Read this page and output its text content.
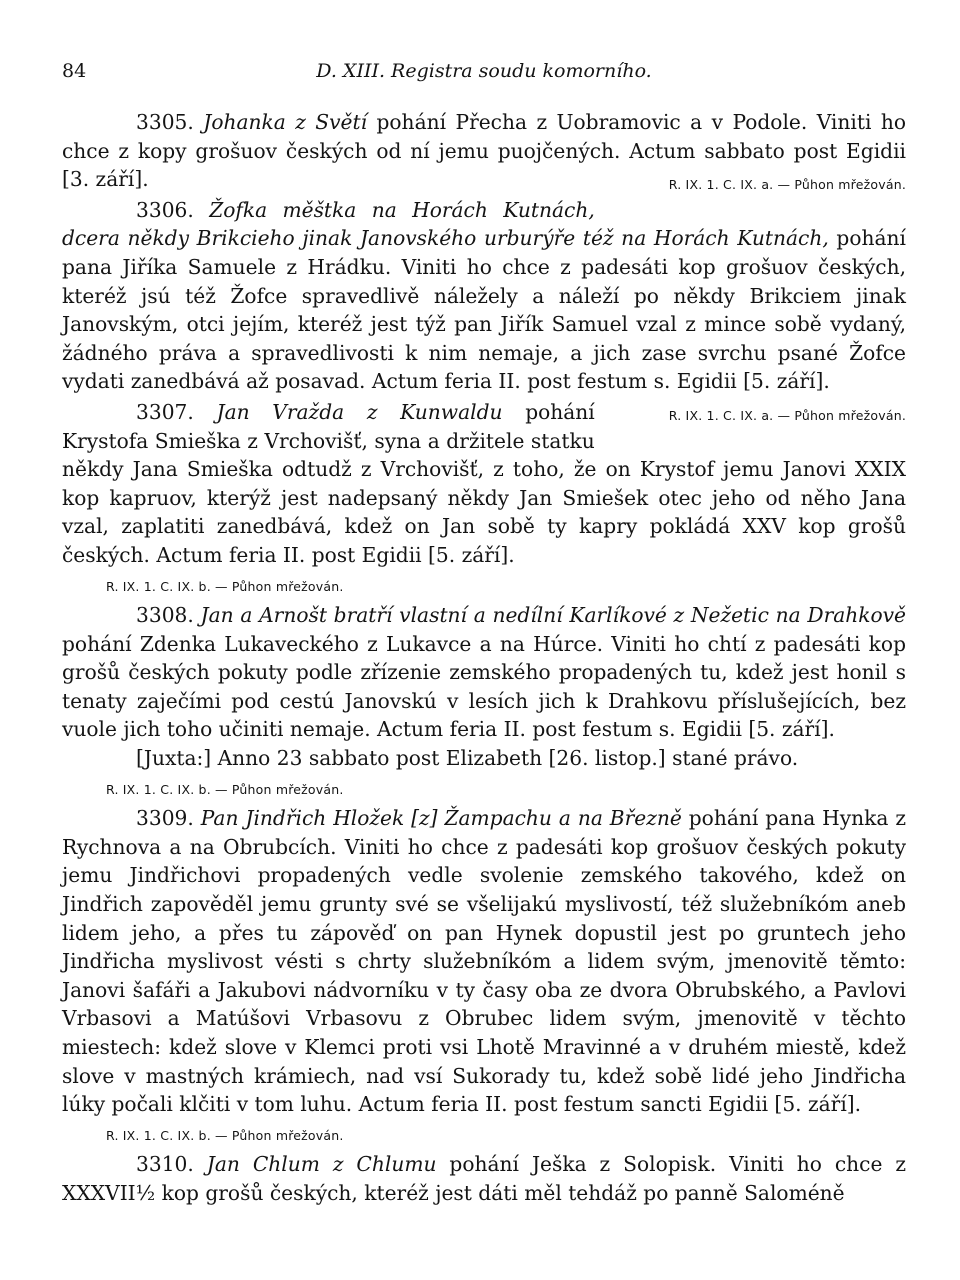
84	D. XIII. Registra soudu komorního.

3305. Johanka z Světí pohání Přecha z Uobramovic a v Podole. Viniti ho chce z kopy grošuov českých od ní jemu puojčených. Actum sabbato post Egidii [3. září].	R. IX. 1. C. IX. a. — Půhon mřežován.

3306. Žofka měštka na Horách Kutnách, dcera někdy Brikcieho jinak Janovského urburýře též na Horách Kutnách, pohání pana Jiříka Samuele z Hrádku. Viniti ho chce z padesáti kop grošuov českých, kteréž jsú též Žofce spravedlivě náležely a náleží po někdy Brikciem jinak Janovským, otci jejím, kteréž jest týž pan Jiřík Samuel vzal z mince sobě vydaný, žádného práva a spravedlivosti k nim nemaje, a jich zase svrchu psané Žofce vydati zanedbává až posavad. Actum feria II. post festum s. Egidii [5. září].
R. IX. 1. C. IX. a. — Půhon mřežován.

3307. Jan Vražda z Kunwaldu pohání Krystofa Smieška z Vrchovišť, syna a držitele statku někdy Jana Smieška odtudž z Vrchovišť, z toho, že on Krystof jemu Janovi XXIX kop kapruov, kterýž jest nadepsaný někdy Jan Smiešek otec jeho od něho Jana vzal, zaplatiti zanedbává, kdež on Jan sobě ty kapry pokládá XXV kop grošů českých. Actum feria II. post Egidii [5. září].

R. IX. 1. C. IX. b. — Půhon mřežován.

3308. Jan a Arnošt bratří vlastní a nedílní Karlíkové z Nežetic na Drahkově pohání Zdenka Lukaveckého z Lukavce a na Húrce. Viniti ho chtí z padesáti kop grošů českých pokuty podle zřízenie zemského propadených tu, kdež jest honil s tenaty zaječími pod cestú Janovskú v lesích jich k Drahkovu příslušejících, bez vuole jich toho učiniti nemaje. Actum feria II. post festum s. Egidii [5. září].

[Juxta:] Anno 23 sabbato post Elizabeth [26. listop.] stané právo.

R. IX. 1. C. IX. b. — Půhon mřežován.

3309. Pan Jindřich Hložek [z] Žampachu a na Březně pohání pana Hynka z Rychnova a na Obrubcích. Viniti ho chce z padesáti kop grošuov českých pokuty jemu Jindřichovi propadených vedle svolenie zemského takového, kdež on Jindřich zapověděl jemu grunty své se všelijakú myslivostí, též služebníkóm aneb lidem jeho, a přes tu zápověď on pan Hynek dopustil jest po gruntech jeho Jindřicha myslivost vésti s chrty služebníkóm a lidem svým, jmenovitě těmto: Janovi šafáři a Jakubovi nádvorníku v ty časy oba ze dvora Obrubského, a Pavlovi Vrbasovi a Matúšovi Vrbasovu z Obrubec lidem svým, jmenovitě v těchto miestech: kdež slove v Klemci proti vsi Lhotě Mravinné a v druhém miestě, kdež slove v mastných krámiech, nad vsí Sukorady tu, kdež sobě lidé jeho Jindřicha lúky počali klčiti v tom luhu. Actum feria II. post festum sancti Egidii [5. září].

R. IX. 1. C. IX. b. — Půhon mřežován.

3310. Jan Chlum z Chlumu pohání Ješka z Solopisk. Viniti ho chce z XXXVII½ kop grošů českých, kteréž jest dáti měl tehdáž po panně Saloméně
